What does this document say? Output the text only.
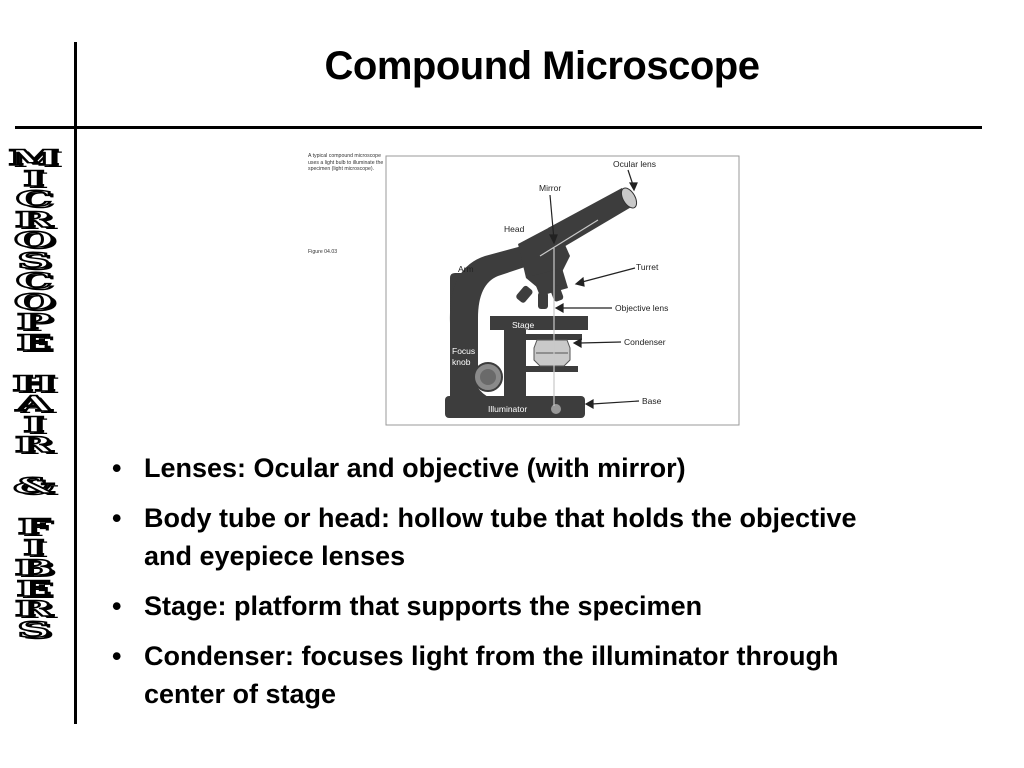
Compound Microscope
M
I
C
R
O
S
C
O
P
E
H
A
I
R
&
F
I
B
E
R
S
A typical compound microscope uses a light bulb to illuminate the specimen (light microscope).
Figure 04.03
Ocular lens
Mirror
Head
Turret
Arm
Objective lens
Condenser
Base
Stage
Focus
knob
Illuminator
• Lenses: Ocular and objective (with mirror)
• Body tube or head: hollow tube that holds the objective and eyepiece lenses
• Stage: platform that supports the specimen
• Condenser: focuses light from the illuminator through center of stage
